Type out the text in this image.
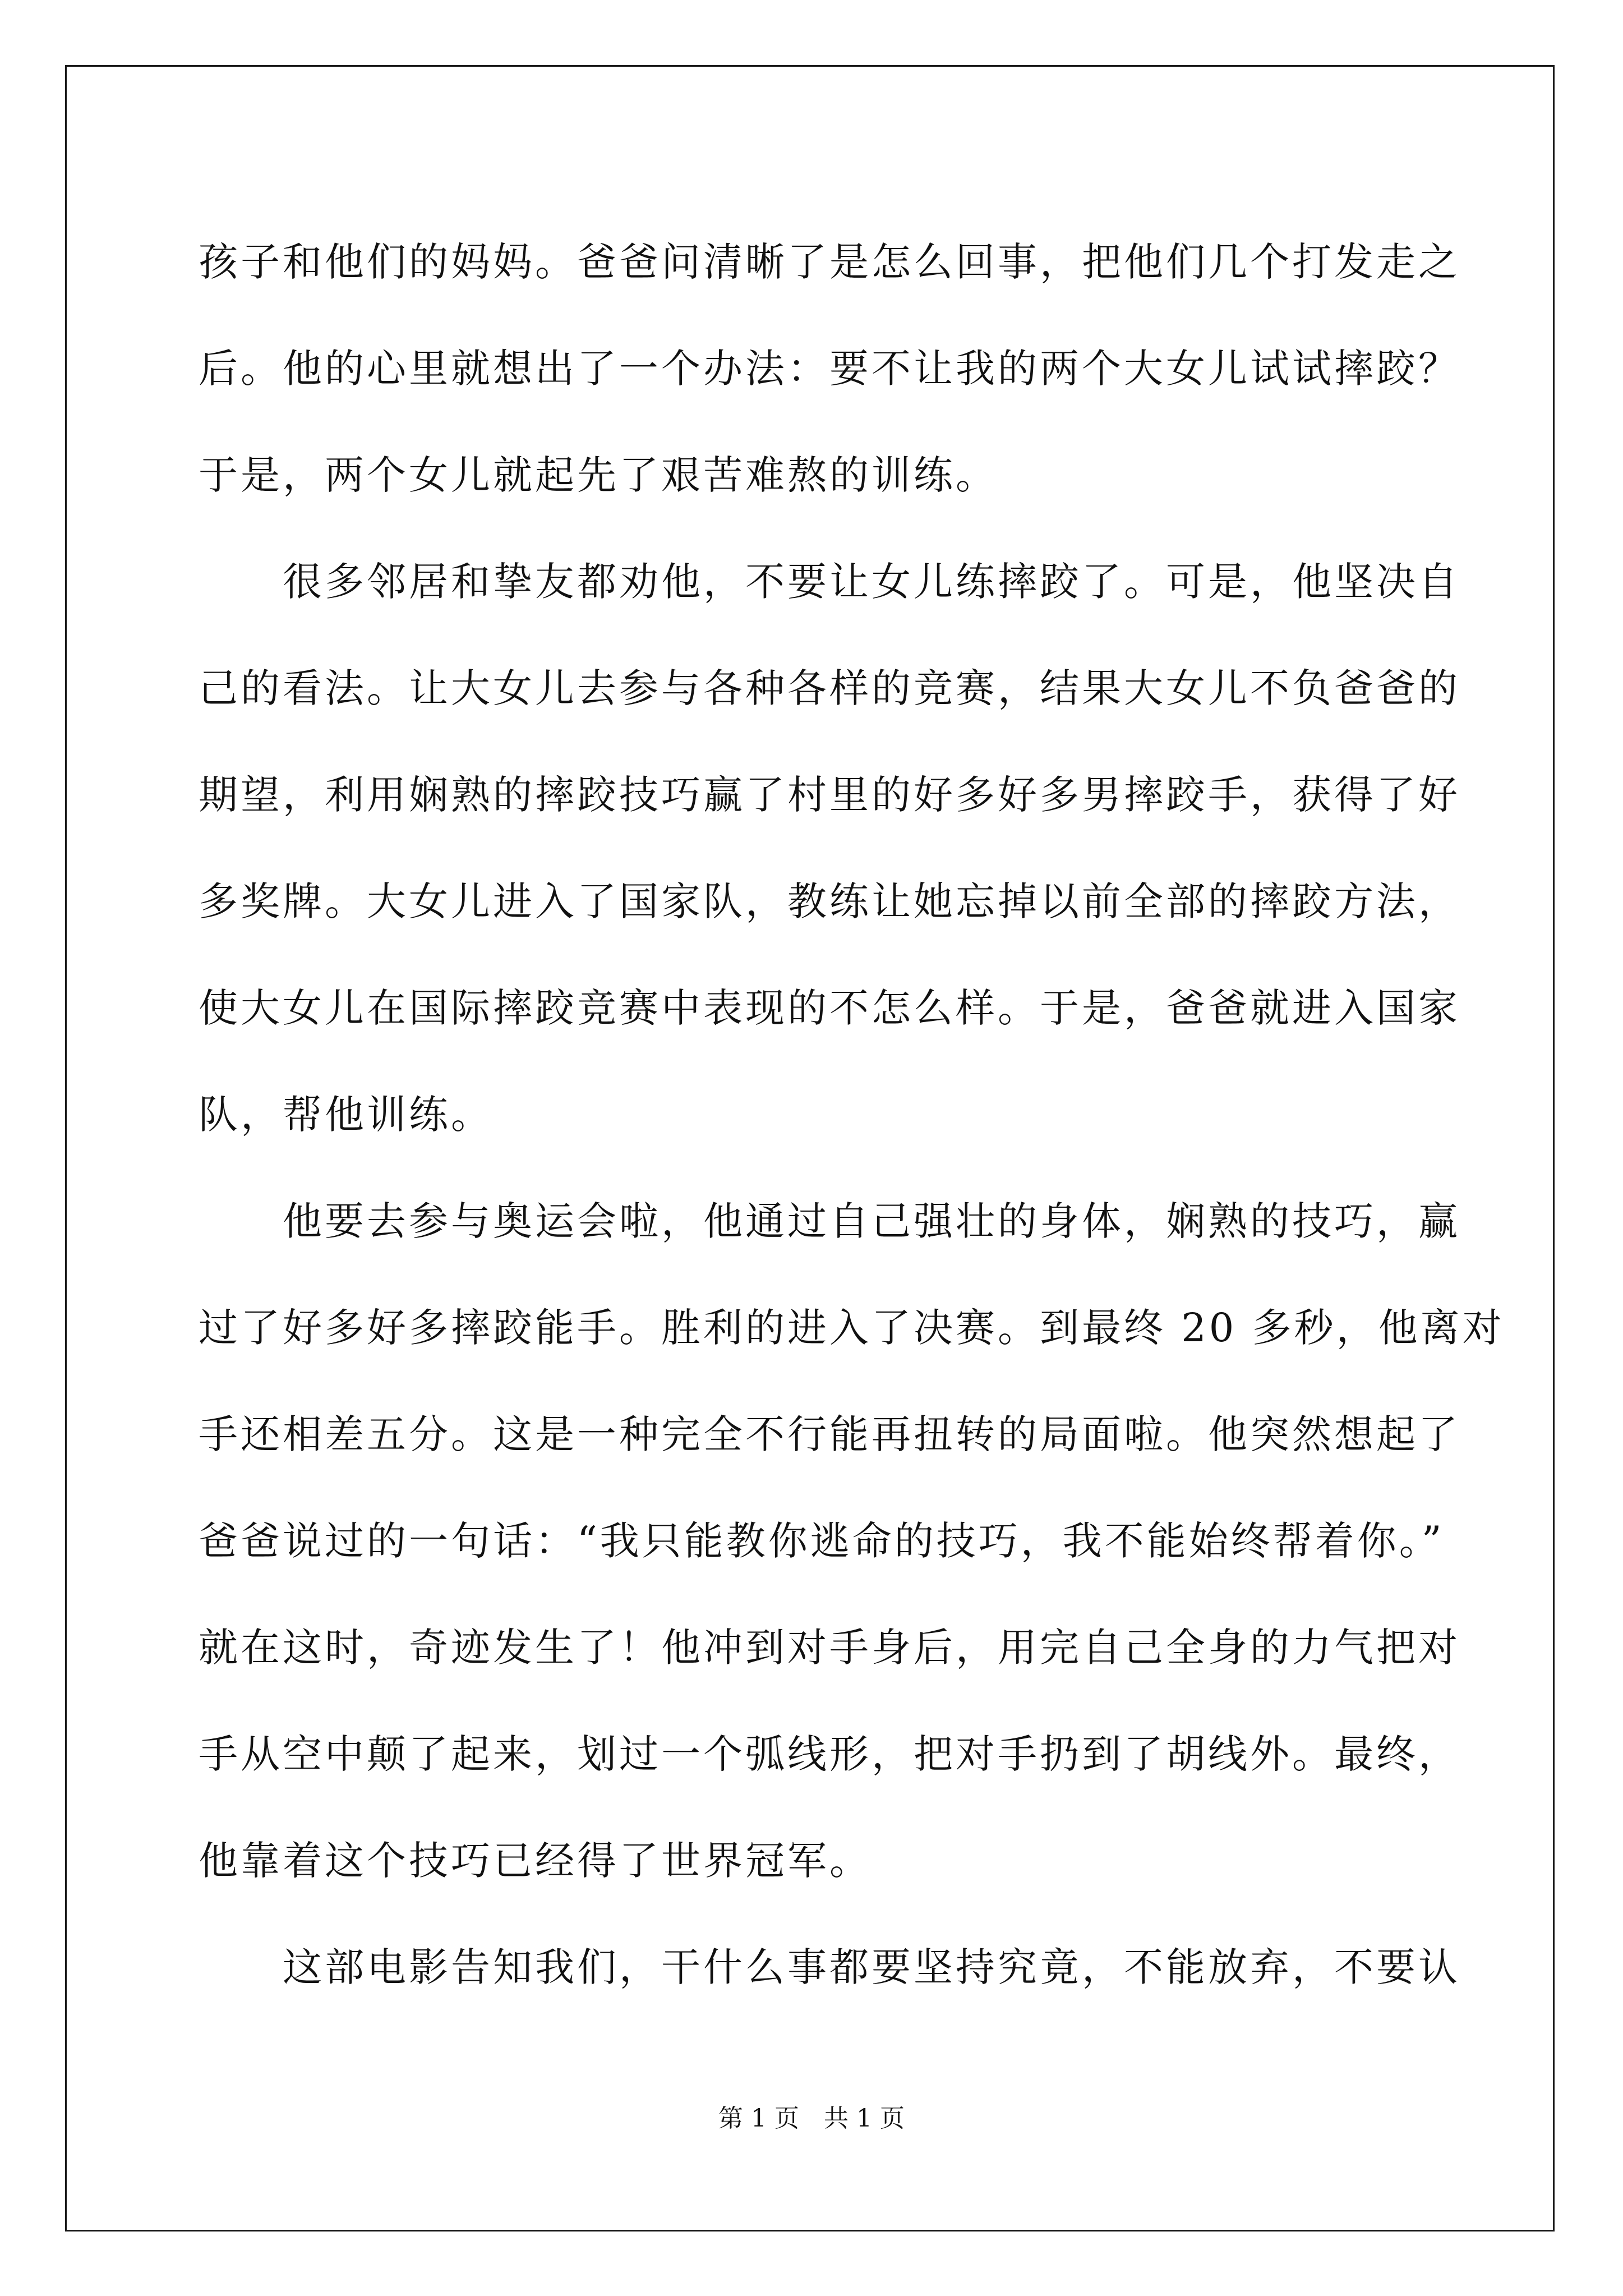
孩子和他们的妈妈。爸爸问清晰了是怎么回事，把他们几个打发走之
后。他的心里就想出了一个办法：要不让我的两个大女儿试试摔跤？
于是，两个女儿就起先了艰苦难熬的训练。
很多邻居和挚友都劝他，不要让女儿练摔跤了。可是，他坚决自
己的看法。让大女儿去参与各种各样的竞赛，结果大女儿不负爸爸的
期望，利用娴熟的摔跤技巧赢了村里的好多好多男摔跤手，获得了好
多奖牌。大女儿进入了国家队，教练让她忘掉以前全部的摔跤方法，
使大女儿在国际摔跤竞赛中表现的不怎么样。于是，爸爸就进入国家
队，帮他训练。
他要去参与奥运会啦，他通过自己强壮的身体，娴熟的技巧，赢
过了好多好多摔跤能手。胜利的进入了决赛。到最终 20 多秒，他离对
手还相差五分。这是一种完全不行能再扭转的局面啦。他突然想起了
爸爸说过的一句话：“我只能教你逃命的技巧，我不能始终帮着你。”
就在这时，奇迹发生了！他冲到对手身后，用完自己全身的力气把对
手从空中颠了起来，划过一个弧线形，把对手扔到了胡线外。最终，
他靠着这个技巧已经得了世界冠军。
这部电影告知我们，干什么事都要坚持究竟，不能放弃，不要认
第 1 页　共 1 页
